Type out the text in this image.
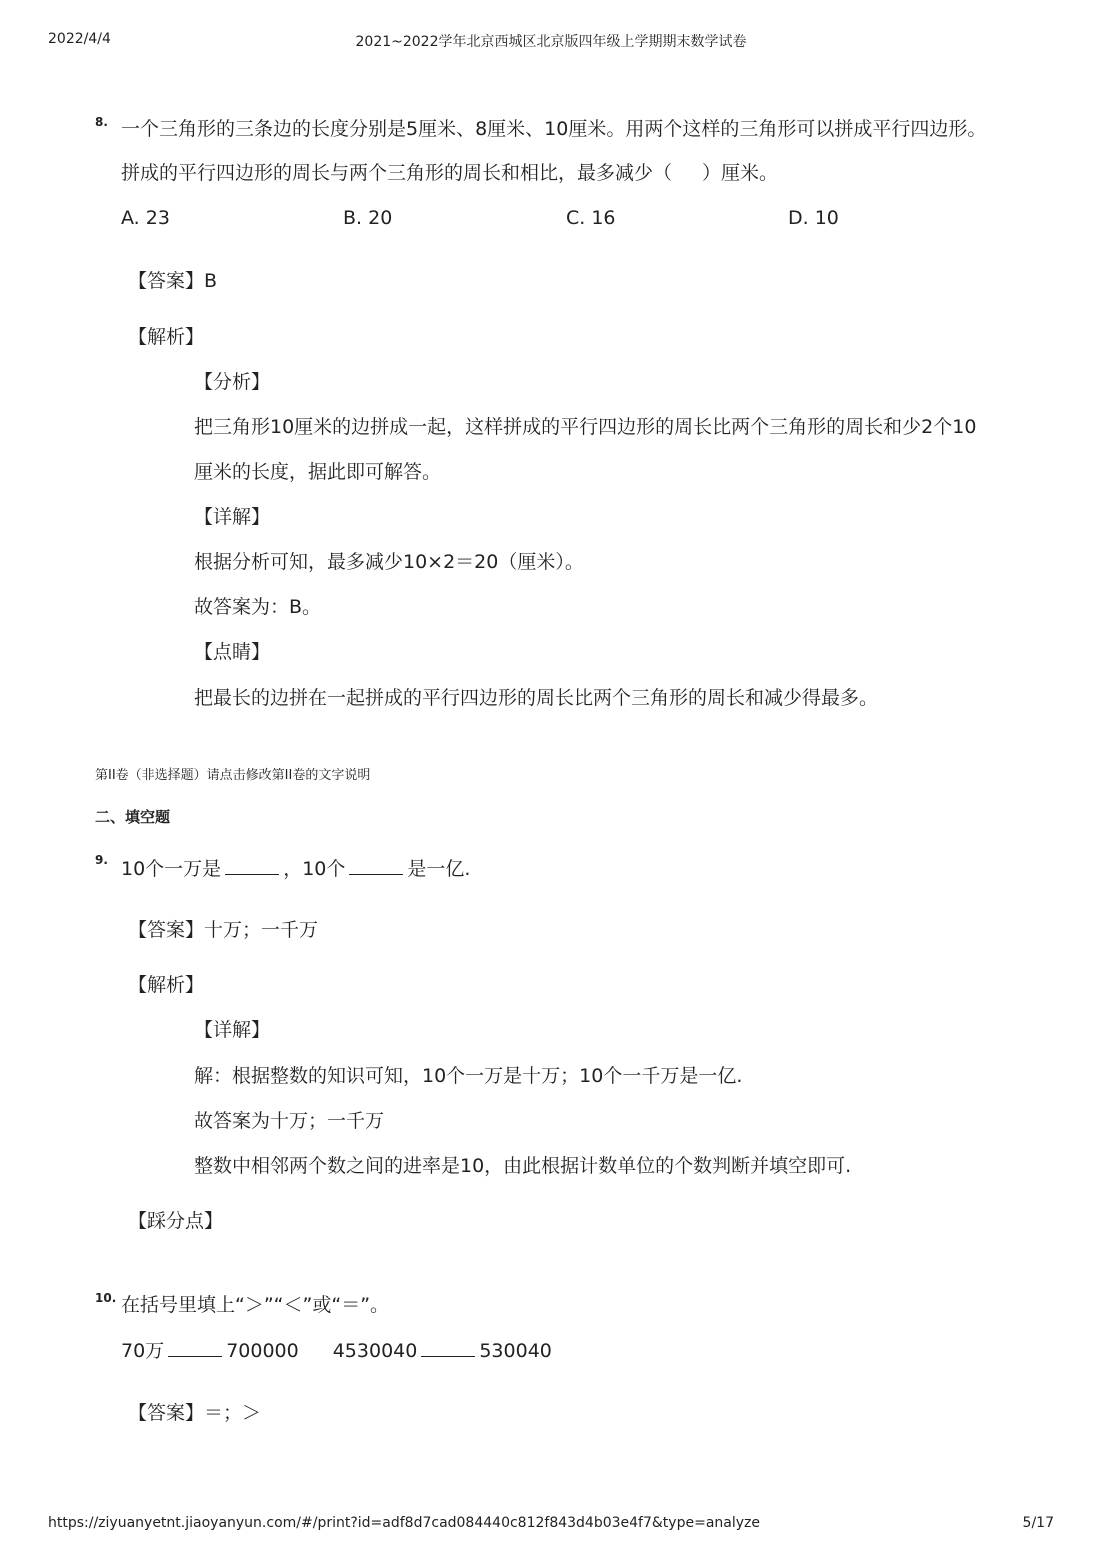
2022/4/4	2021~2022学年北京西城区北京版四年级上学期期末数学试卷
8. 一个三角形的三条边的长度分别是5厘米、8厘米、10厘米。用两个这样的三角形可以拼成平行四边形。
拼成的平行四边形的周长与两个三角形的周长和相比，最多减少（ ）厘米。
A. 23	B. 20	C. 16	D. 10
【答案】B
【解析】
【分析】
把三角形10厘米的边拼成一起，这样拼成的平行四边形的周长比两个三角形的周长和少2个10
厘米的长度，据此即可解答。
【详解】
根据分析可知，最多减少10×2＝20（厘米）。
故答案为：B。
【点睛】
把最长的边拼在一起拼成的平行四边形的周长比两个三角形的周长和减少得最多。
第II卷（非选择题）请点击修改第II卷的文字说明
二、填空题
9. 10个一万是	，10个	是一亿.
【答案】十万；一千万
【解析】
【详解】
解：根据整数的知识可知，10个一万是十万；10个一千万是一亿.
故答案为十万；一千万
整数中相邻两个数之间的进率是10，由此根据计数单位的个数判断并填空即可.
【踩分点】
10. 在括号里填上“＞”“＜”或“＝”。
70万	700000 4530040	530040
【答案】＝；＞
https://ziyuanyetnt.jiaoyanyun.com/#/print?id=adf8d7cad084440c812f843d4b03e4f7&type=analyze	5/17
